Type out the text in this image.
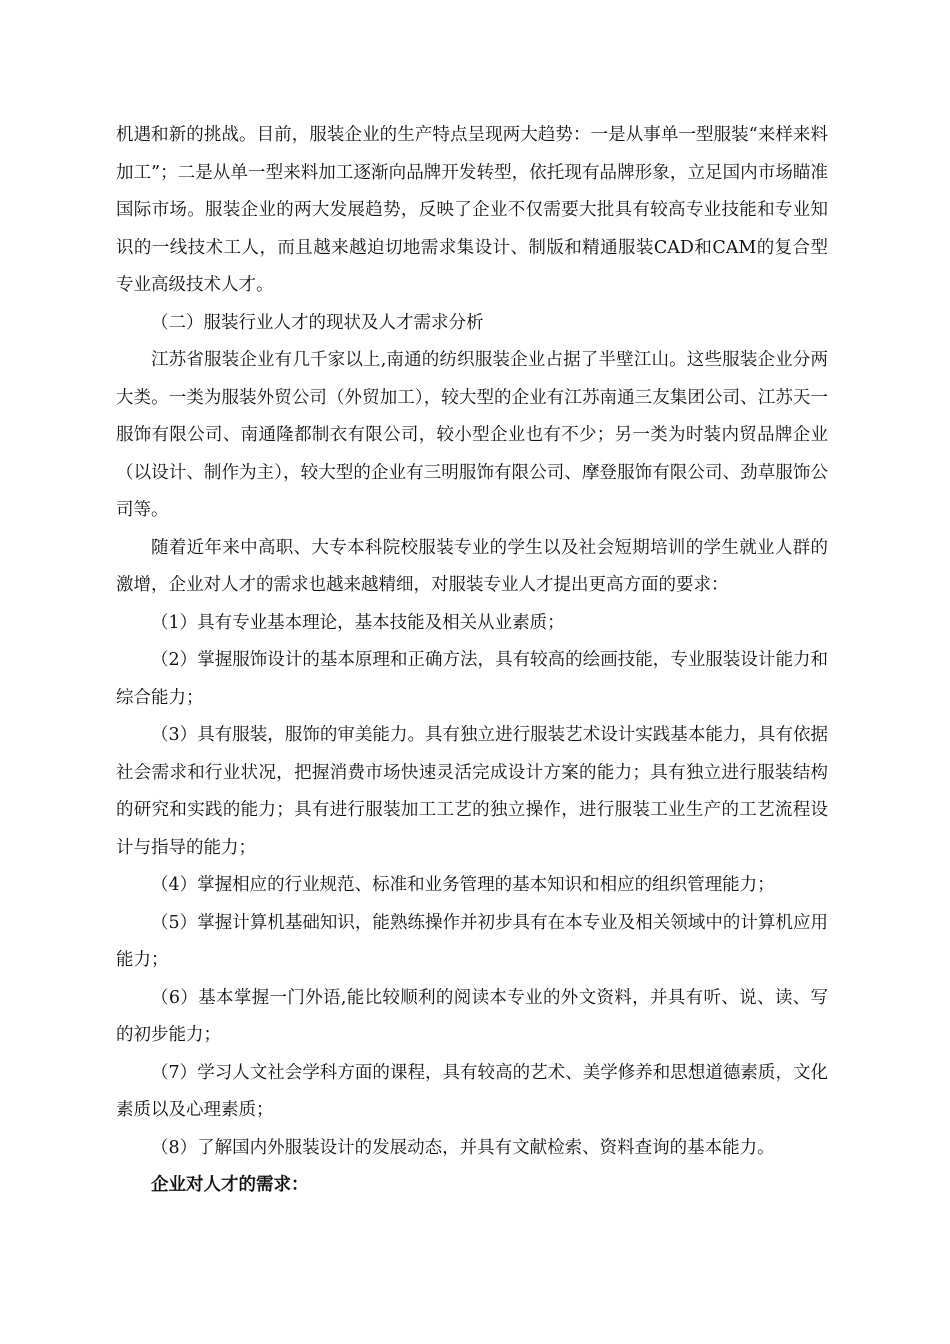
机遇和新的挑战。目前，服装企业的生产特点呈现两大趋势：一是从事单一型服装“来样来料加工”；二是从单一型来料加工逐渐向品牌开发转型，依托现有品牌形象，立足国内市场瞄准国际市场。服装企业的两大发展趋势，反映了企业不仅需要大批具有较高专业技能和专业知识的一线技术工人，而且越来越迫切地需求集设计、制版和精通服装CAD和CAM的复合型专业高级技术人才。

（二）服装行业人才的现状及人才需求分析

江苏省服装企业有几千家以上,南通的纺织服装企业占据了半壁江山。这些服装企业分两大类。一类为服装外贸公司（外贸加工），较大型的企业有江苏南通三友集团公司、江苏天一服饰有限公司、南通隆都制衣有限公司，较小型企业也有不少；另一类为时装内贸品牌企业（以设计、制作为主），较大型的企业有三明服饰有限公司、摩登服饰有限公司、劲草服饰公司等。

随着近年来中高职、大专本科院校服装专业的学生以及社会短期培训的学生就业人群的激增，企业对人才的需求也越来越精细，对服装专业人才提出更高方面的要求：

（1）具有专业基本理论，基本技能及相关从业素质；

（2）掌握服饰设计的基本原理和正确方法，具有较高的绘画技能，专业服装设计能力和综合能力；

（3）具有服装，服饰的审美能力。具有独立进行服装艺术设计实践基本能力，具有依据社会需求和行业状况，把握消费市场快速灵活完成设计方案的能力；具有独立进行服装结构的研究和实践的能力；具有进行服装加工工艺的独立操作，进行服装工业生产的工艺流程设计与指导的能力；

（4）掌握相应的行业规范、标准和业务管理的基本知识和相应的组织管理能力；

（5）掌握计算机基础知识，能熟练操作并初步具有在本专业及相关领域中的计算机应用能力；

（6）基本掌握一门外语,能比较顺利的阅读本专业的外文资料，并具有听、说、读、写的初步能力；

（7）学习人文社会学科方面的课程，具有较高的艺术、美学修养和思想道德素质，文化素质以及心理素质；

（8）了解国内外服装设计的发展动态，并具有文献检索、资料查询的基本能力。

企业对人才的需求：
